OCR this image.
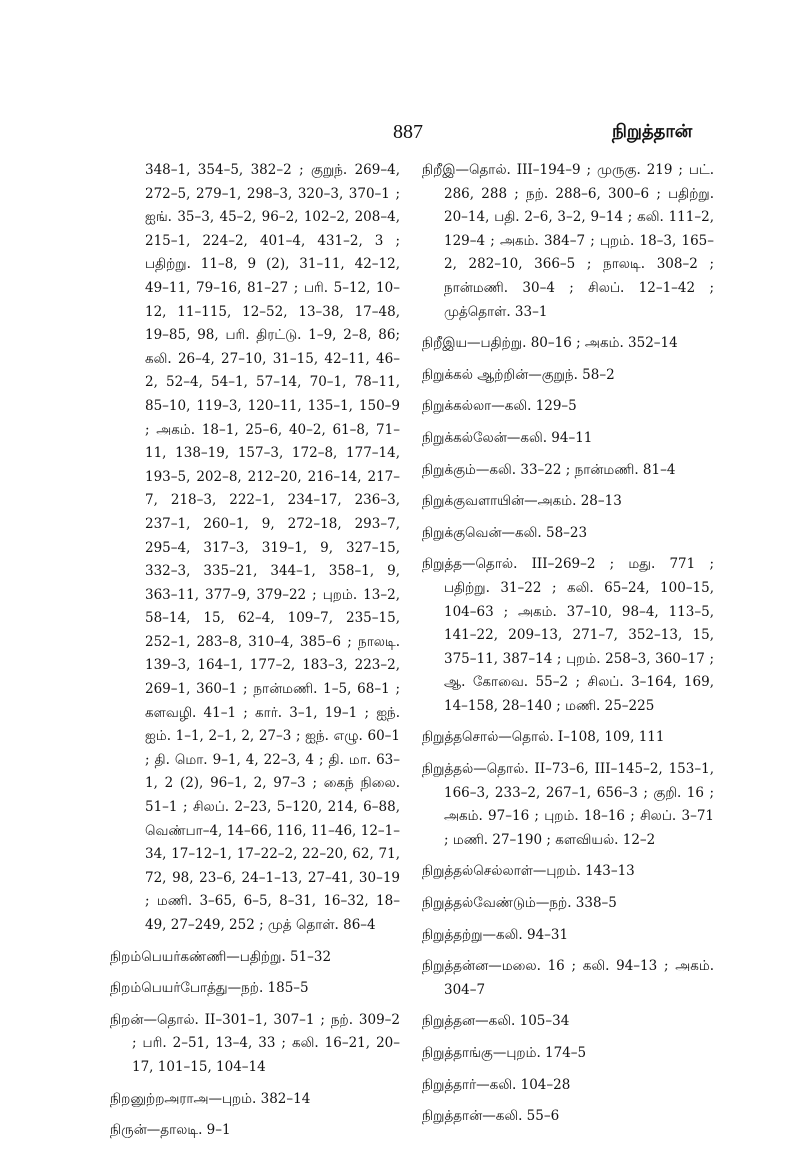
887	நிறுத்தான்
348–1, 354–5, 382–2 ; குறுந். 269–4, 272–5, 279–1, 298–3, 320–3, 370–1 ; ஐங். 35–3, 45–2, 96–2, 102–2, 208–4, 215–1, 224–2, 401–4, 431–2, 3 ; பதிற்று. 11–8, 9 (2), 31–11, 42–12, 49–11, 79–16, 81–27 ; பரி. 5–12, 10–12, 11–115, 12–52, 13–38, 17–48, 19–85, 98, பரி. திரட்டு. 1–9, 2–8, 86; கலி. 26–4, 27–10, 31–15, 42–11, 46–2, 52–4, 54–1, 57–14, 70–1, 78–11, 85–10, 119–3, 120–11, 135–1, 150–9 ; அகம். 18–1, 25–6, 40–2, 61–8, 71–11, 138–19, 157–3, 172–8, 177–14, 193–5, 202–8, 212–20, 216–14, 217–7, 218–3, 222–1, 234–17, 236–3, 237–1, 260–1, 9, 272–18, 293–7, 295–4, 317–3, 319–1, 9, 327–15, 332–3, 335–21, 344–1, 358–1, 9, 363–11, 377–9, 379–22 ; புறம். 13–2, 58–14, 15, 62–4, 109–7, 235–15, 252–1, 283–8, 310–4, 385–6 ; நாலடி. 139–3, 164–1, 177–2, 183–3, 223–2, 269–1, 360–1 ; நான்மணி. 1–5, 68–1 ; களவழி. 41–1 ; கார். 3–1, 19–1 ; ஐந். ஐம். 1–1, 2–1, 2, 27–3 ; ஐந். எழு. 60–1 ; தி. மொ. 9–1, 4, 22–3, 4 ; தி. மா. 63–1, 2 (2), 96–1, 2, 97–3 ; கைந் நிலை. 51–1 ; சிலப். 2–23, 5–120, 214, 6–88, வெண்பா–4, 14–66, 116, 11–46, 12–1–34, 17–12–1, 17–22–2, 22–20, 62, 71, 72, 98, 23–6, 24–1–13, 27–41, 30–19 ; மணி. 3–65, 6–5, 8–31, 16–32, 18–49, 27–249, 252 ; முத் தொள். 86–4
நிறம்பெயர்கண்ணி—பதிற்று. 51–32
நிறம்பெயர்போத்து—நற். 185–5
நிறன்—தொல். II–301–1, 307–1 ; நற். 309–2 ; பரி. 2–51, 13–4, 33 ; கலி. 16–21, 20–17, 101–15, 104–14
நிறனுற்றஅராஅ—புறம். 382–14
நிருன்—தாலடி. 9–1
நிறீஇ—தொல். III–194–9 ; முருகு. 219 ; பட். 286, 288 ; நற். 288–6, 300–6 ; பதிற்று. 20–14, பதி. 2–6, 3–2, 9–14 ; கலி. 111–2, 129–4 ; அகம். 384–7 ; புறம். 18–3, 165–2, 282–10, 366–5 ; நாலடி. 308–2 ; நான்மணி. 30–4 ; சிலப். 12–1–42 ; முத்தொள். 33–1
நிறீஇய—பதிற்று. 80–16 ; அகம். 352–14
நிறுக்கல் ஆற்றின்—குறுந். 58–2
நிறுக்கல்லா—கலி. 129–5
நிறுக்கல்லேன்—கலி. 94–11
நிறுக்கும்—கலி. 33–22 ; நான்மணி. 81–4
நிறுக்குவளாயின்—அகம். 28–13
நிறுக்குவென்—கலி. 58–23
நிறுத்த—தொல். III–269–2 ; மது. 771 ; பதிற்று. 31–22 ; கலி. 65–24, 100–15, 104–63 ; அகம். 37–10, 98–4, 113–5, 141–22, 209–13, 271–7, 352–13, 15, 375–11, 387–14 ; புறம். 258–3, 360–17 ; ஆ. கோவை. 55–2 ; சிலப். 3–164, 169, 14–158, 28–140 ; மணி. 25–225
நிறுத்தசொல்—தொல். I–108, 109, 111
நிறுத்தல்—தொல். II–73–6, III–145–2, 153–1, 166–3, 233–2, 267–1, 656–3 ; குறி. 16 ; அகம். 97–16 ; புறம். 18–16 ; சிலப். 3–71 ; மணி. 27–190 ; களவியல். 12–2
நிறுத்தல்செல்லாள்—புறம். 143–13
நிறுத்தல்வேண்டும்—நற். 338–5
நிறுத்தற்று—கலி. 94–31
நிறுத்தன்ன—மலை. 16 ; கலி. 94–13 ; அகம். 304–7
நிறுத்தன—கலி. 105–34
நிறுத்தாங்கு—புறம். 174–5
நிறுத்தார்—கலி. 104–28
நிறுத்தான்—கலி. 55–6
